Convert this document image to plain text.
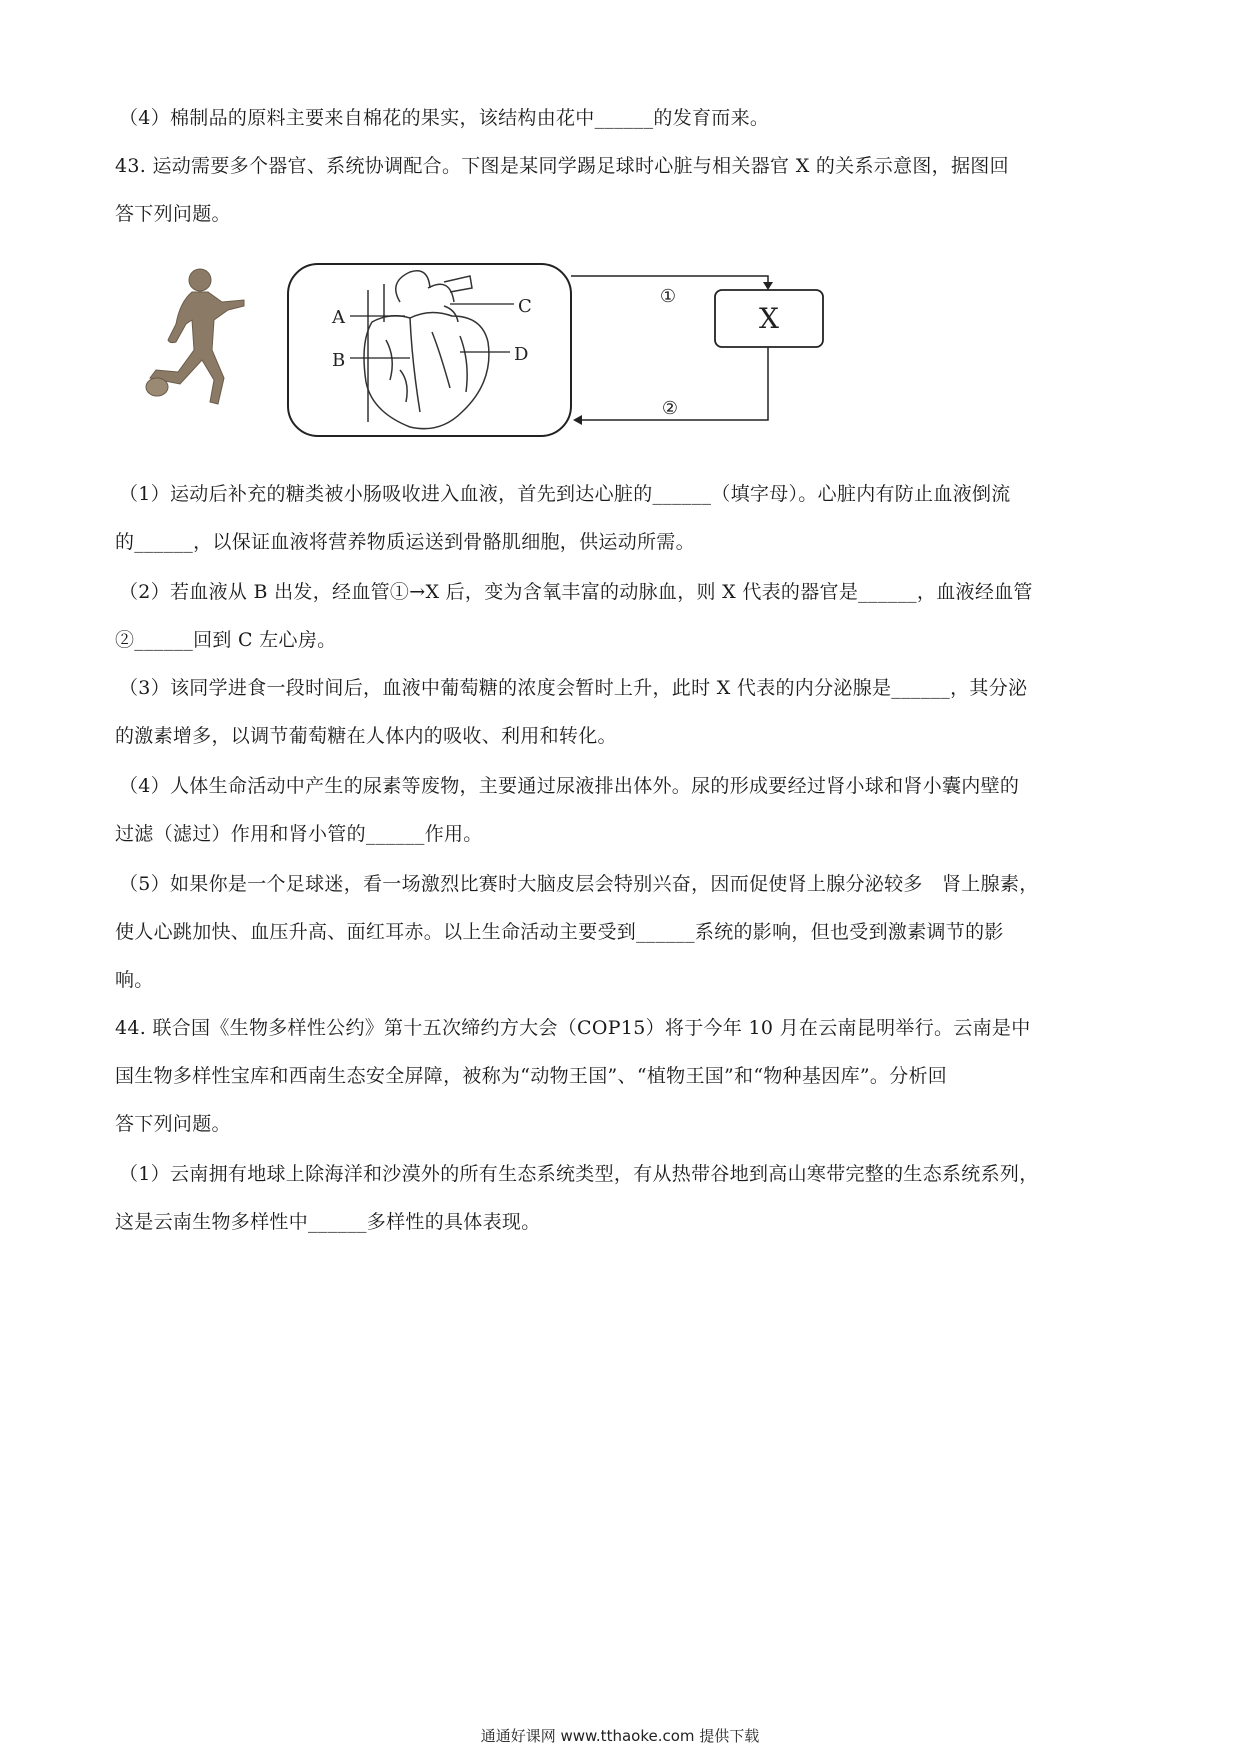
（4）棉制品的原料主要来自棉花的果实，该结构由花中______的发育而来。

43. 运动需要多个器官、系统协调配合。下图是某同学踢足球时心脏与相关器官 X 的关系示意图，据图回
答下列问题。

A
B
C
D
X
①
②

（1）运动后补充的糖类被小肠吸收进入血液，首先到达心脏的______（填字母）。心脏内有防止血液倒流
的______，以保证血液将营养物质运送到骨骼肌细胞，供运动所需。

（2）若血液从 B 出发，经血管①→X 后，变为含氧丰富的动脉血，则 X 代表的器官是______，血液经血管
②______回到 C 左心房。

（3）该同学进食一段时间后，血液中葡萄糖的浓度会暂时上升，此时 X 代表的内分泌腺是______，其分泌
的激素增多，以调节葡萄糖在人体内的吸收、利用和转化。

（4）人体生命活动中产生的尿素等废物，主要通过尿液排出体外。尿的形成要经过肾小球和肾小囊内壁的
过滤（滤过）作用和肾小管的______作用。

（5）如果你是一个足球迷，看一场激烈比赛时大脑皮层会特别兴奋，因而促使肾上腺分泌较多　肾上腺素，
使人心跳加快、血压升高、面红耳赤。以上生命活动主要受到______系统的影响，但也受到激素调节的影
响。

44. 联合国《生物多样性公约》第十五次缔约方大会（COP15）将于今年 10 月在云南昆明举行。云南是中
国生物多样性宝库和西南生态安全屏障，被称为“动物王国”、“植物王国”和“物种基因库”。分析回
答下列问题。

（1）云南拥有地球上除海洋和沙漠外的所有生态系统类型，有从热带谷地到高山寒带完整的生态系统系列，
这是云南生物多样性中______多样性的具体表现。

通通好课网 www.tthaoke.com 提供下载
